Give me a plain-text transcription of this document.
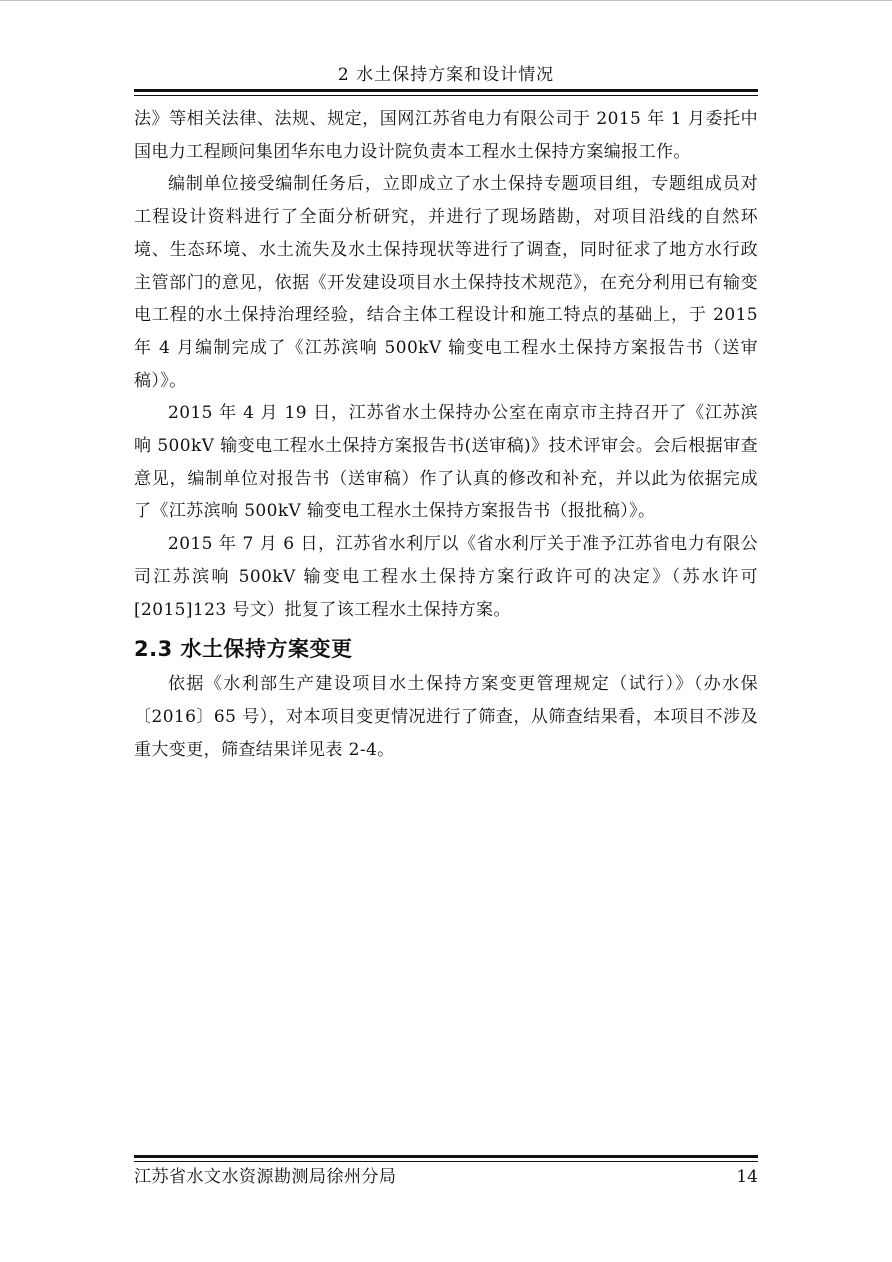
2 水土保持方案和设计情况

法》等相关法律、法规、规定，国网江苏省电力有限公司于 2015 年 1 月委托中国电力工程顾问集团华东电力设计院负责本工程水土保持方案编报工作。

编制单位接受编制任务后，立即成立了水土保持专题项目组，专题组成员对工程设计资料进行了全面分析研究，并进行了现场踏勘，对项目沿线的自然环境、生态环境、水土流失及水土保持现状等进行了调查，同时征求了地方水行政主管部门的意见，依据《开发建设项目水土保持技术规范》，在充分利用已有输变电工程的水土保持治理经验，结合主体工程设计和施工特点的基础上，于 2015 年 4 月编制完成了《江苏滨响 500kV 输变电工程水土保持方案报告书（送审稿）》。

2015 年 4 月 19 日，江苏省水土保持办公室在南京市主持召开了《江苏滨响 500kV 输变电工程水土保持方案报告书(送审稿)》技术评审会。会后根据审查意见，编制单位对报告书（送审稿）作了认真的修改和补充，并以此为依据完成了《江苏滨响 500kV 输变电工程水土保持方案报告书（报批稿）》。

2015 年 7 月 6 日，江苏省水利厅以《省水利厅关于准予江苏省电力有限公司江苏滨响 500kV 输变电工程水土保持方案行政许可的决定》（苏水许可[2015]123 号文）批复了该工程水土保持方案。

2.3 水土保持方案变更

依据《水利部生产建设项目水土保持方案变更管理规定（试行）》（办水保〔2016〕65 号），对本项目变更情况进行了筛查，从筛查结果看，本项目不涉及重大变更，筛查结果详见表 2-4。

江苏省水文水资源勘测局徐州分局	14
